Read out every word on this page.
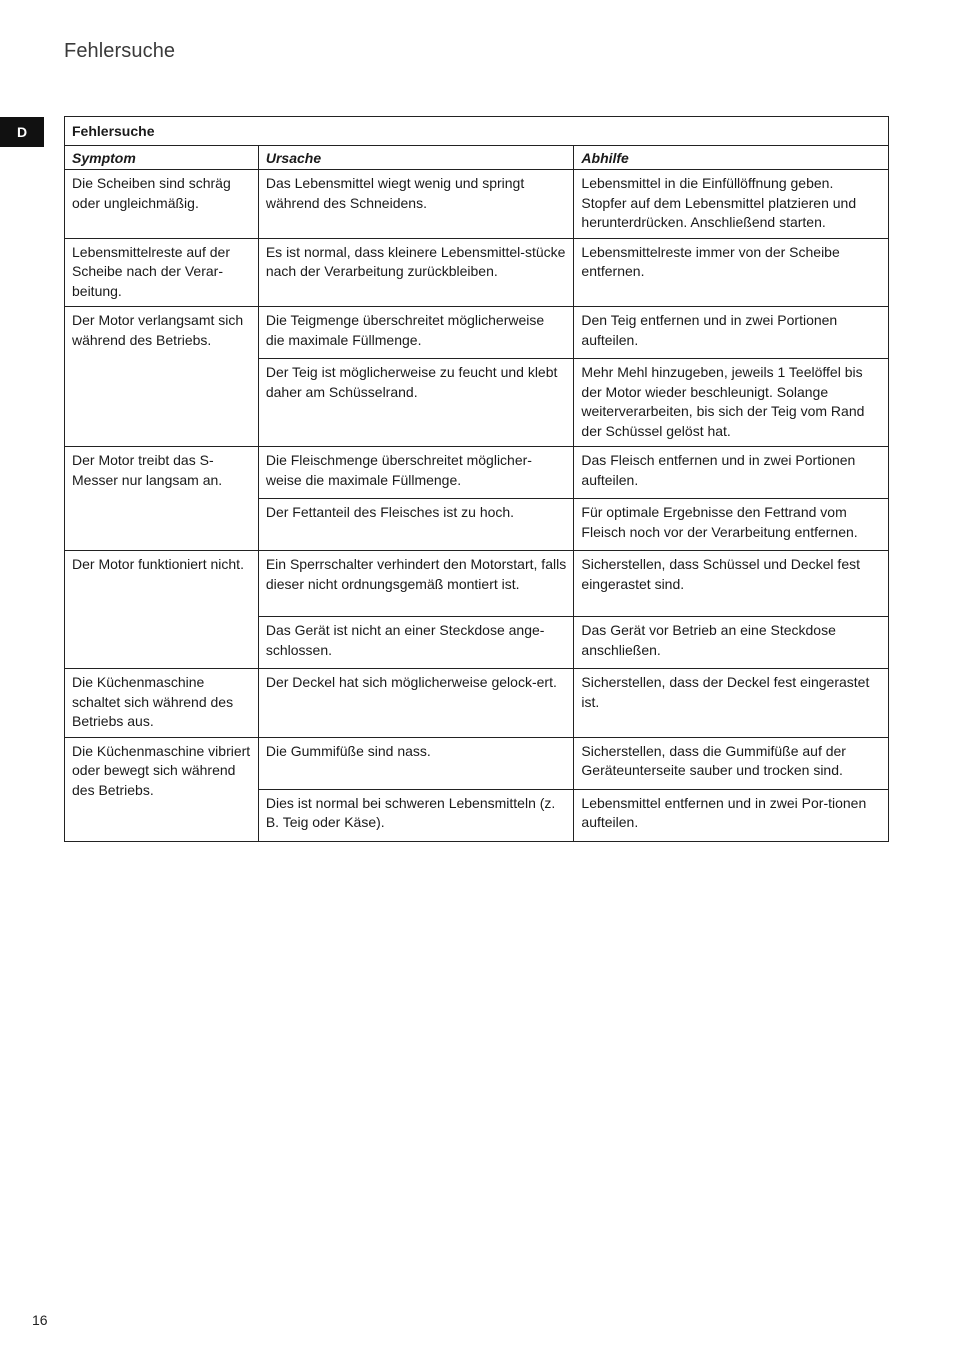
Fehlersuche
D	Fehlersuche		
Symptom	Ursache	Abhilfe
Die Scheiben sind schräg oder ungleichmäßig.	Das Lebensmittel wiegt wenig und springt während des Schneidens.	Lebensmittel in die Einfüllöffnung geben. Stopfer auf dem Lebensmittel platzieren und herunterdrücken. Anschließend starten.
Lebensmittelreste auf der Scheibe nach der Verar-beitung.	Es ist normal, dass kleinere Lebensmittel-stücke nach der Verarbeitung zurückbleiben.	Lebensmittelreste immer von der Scheibe entfernen.
Der Motor verlangsamt sich während des Betriebs.	Die Teigmenge überschreitet möglicherweise die maximale Füllmenge.	Den Teig entfernen und in zwei Portionen aufteilen.
	Der Teig ist möglicherweise zu feucht und klebt daher am Schüsselrand.	Mehr Mehl hinzugeben, jeweils 1 Teelöffel bis der Motor wieder beschleunigt. Solange weiterverarbeiten, bis sich der Teig vom Rand der Schüssel gelöst hat.
Der Motor treibt das S-Messer nur langsam an.	Die Fleischmenge überschreitet möglicher-weise die maximale Füllmenge.	Das Fleisch entfernen und in zwei Portionen aufteilen.
	Der Fettanteil des Fleisches ist zu hoch.	Für optimale Ergebnisse den Fettrand vom Fleisch noch vor der Verarbeitung entfernen.
Der Motor funktioniert nicht.	Ein Sperrschalter verhindert den Motorstart, falls dieser nicht ordnungsgemäß montiert ist.	Sicherstellen, dass Schüssel und Deckel fest eingerastet sind.
	Das Gerät ist nicht an einer Steckdose ange-schlossen.	Das Gerät vor Betrieb an eine Steckdose anschließen.
Die Küchenmaschine schaltet sich während des Betriebs aus.	Der Deckel hat sich möglicherweise gelock-ert.	Sicherstellen, dass der Deckel fest eingerastet ist.
Die Küchenmaschine vibriert oder bewegt sich während des Betriebs.	Die Gummifüße sind nass.	Sicherstellen, dass die Gummifüße auf der Geräteunterseite sauber und trocken sind.
	Dies ist normal bei schweren Lebensmitteln (z. B. Teig oder Käse).	Lebensmittel entfernen und in zwei Por-tionen aufteilen.
16
